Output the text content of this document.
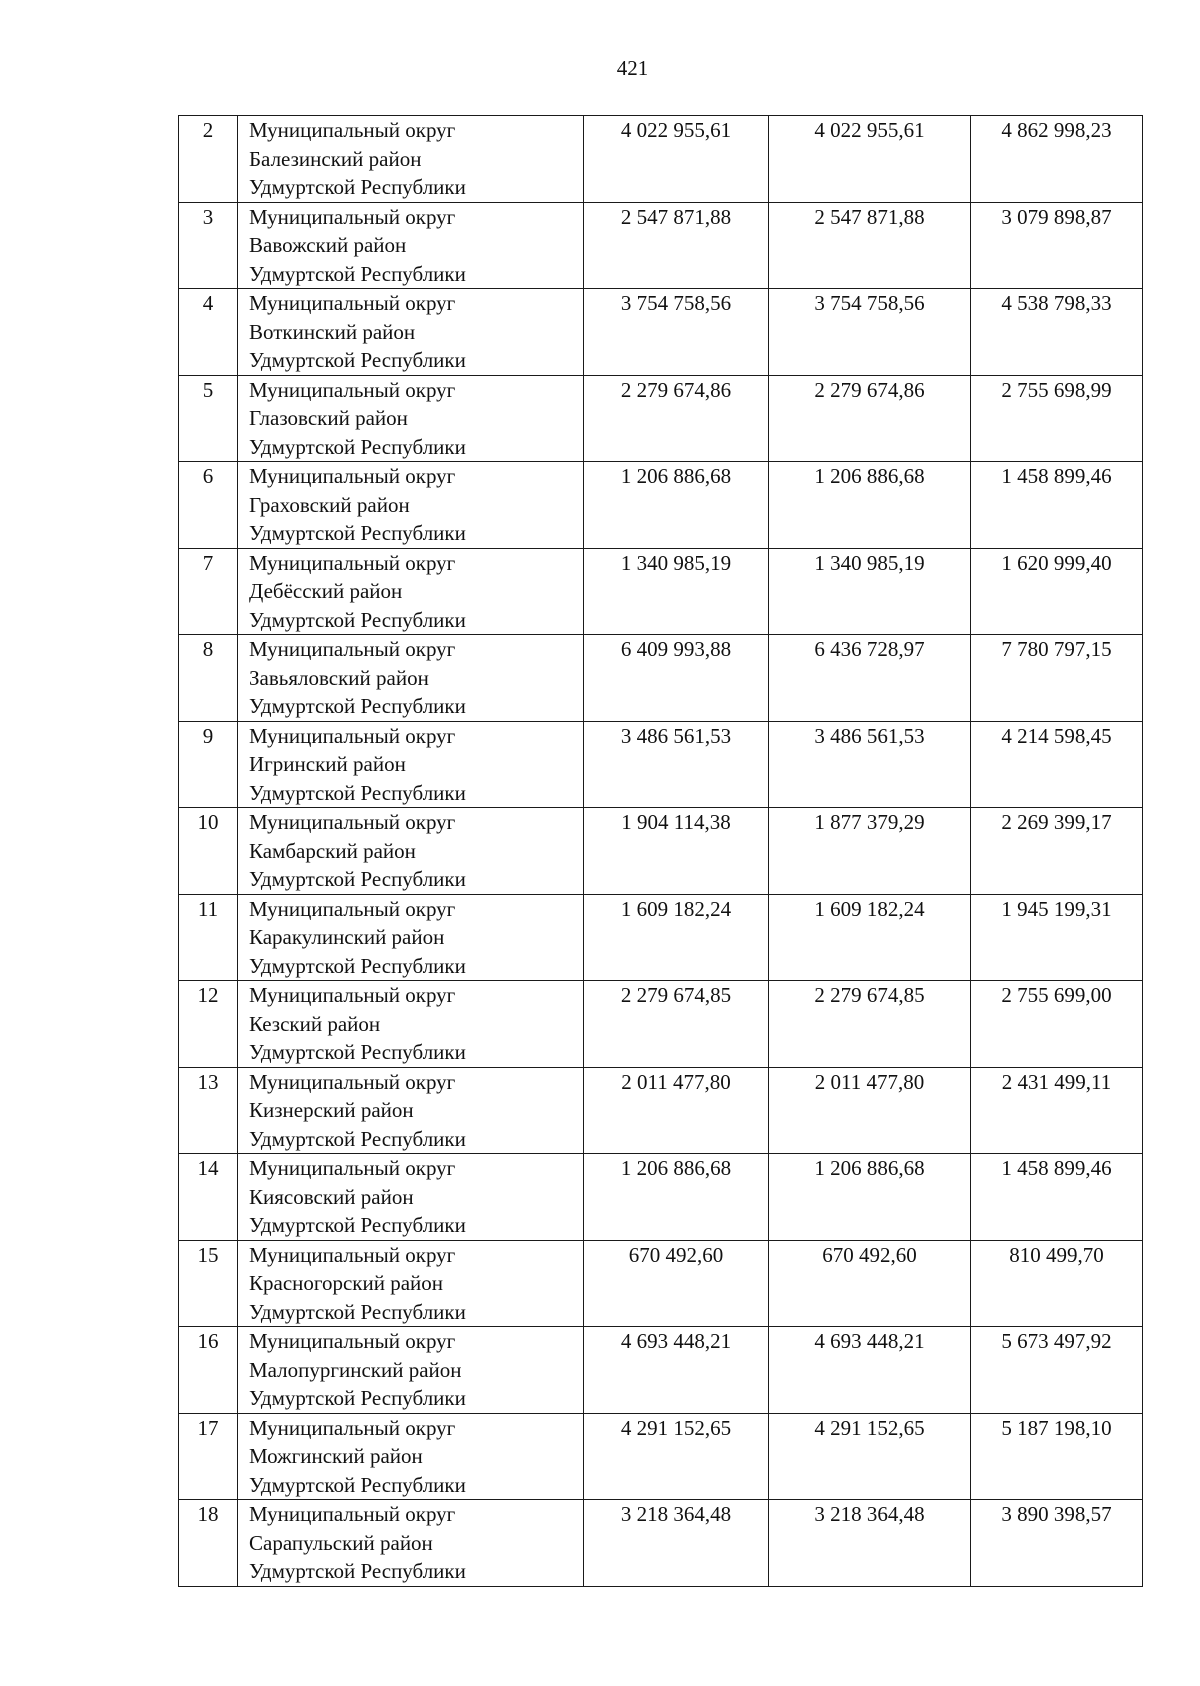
421
2	Муниципальный округ
Балезинский район
Удмуртской Республики	4 022 955,61	4 022 955,61	4 862 998,23
3	Муниципальный округ
Вавожский район
Удмуртской Республики	2 547 871,88	2 547 871,88	3 079 898,87
4	Муниципальный округ
Воткинский район
Удмуртской Республики	3 754 758,56	3 754 758,56	4 538 798,33
5	Муниципальный округ
Глазовский район
Удмуртской Республики	2 279 674,86	2 279 674,86	2 755 698,99
6	Муниципальный округ
Граховский район
Удмуртской Республики	1 206 886,68	1 206 886,68	1 458 899,46
7	Муниципальный округ
Дебёсский район
Удмуртской Республики	1 340 985,19	1 340 985,19	1 620 999,40
8	Муниципальный округ
Завьяловский район
Удмуртской Республики	6 409 993,88	6 436 728,97	7 780 797,15
9	Муниципальный округ
Игринский район
Удмуртской Республики	3 486 561,53	3 486 561,53	4 214 598,45
10	Муниципальный округ
Камбарский район
Удмуртской Республики	1 904 114,38	1 877 379,29	2 269 399,17
11	Муниципальный округ
Каракулинский район
Удмуртской Республики	1 609 182,24	1 609 182,24	1 945 199,31
12	Муниципальный округ
Кезский район
Удмуртской Республики	2 279 674,85	2 279 674,85	2 755 699,00
13	Муниципальный округ
Кизнерский район
Удмуртской Республики	2 011 477,80	2 011 477,80	2 431 499,11
14	Муниципальный округ
Киясовский район
Удмуртской Республики	1 206 886,68	1 206 886,68	1 458 899,46
15	Муниципальный округ
Красногорский район
Удмуртской Республики	670 492,60	670 492,60	810 499,70
16	Муниципальный округ
Малопургинский район
Удмуртской Республики	4 693 448,21	4 693 448,21	5 673 497,92
17	Муниципальный округ
Можгинский район
Удмуртской Республики	4 291 152,65	4 291 152,65	5 187 198,10
18	Муниципальный округ
Сарапульский район
Удмуртской Республики	3 218 364,48	3 218 364,48	3 890 398,57
